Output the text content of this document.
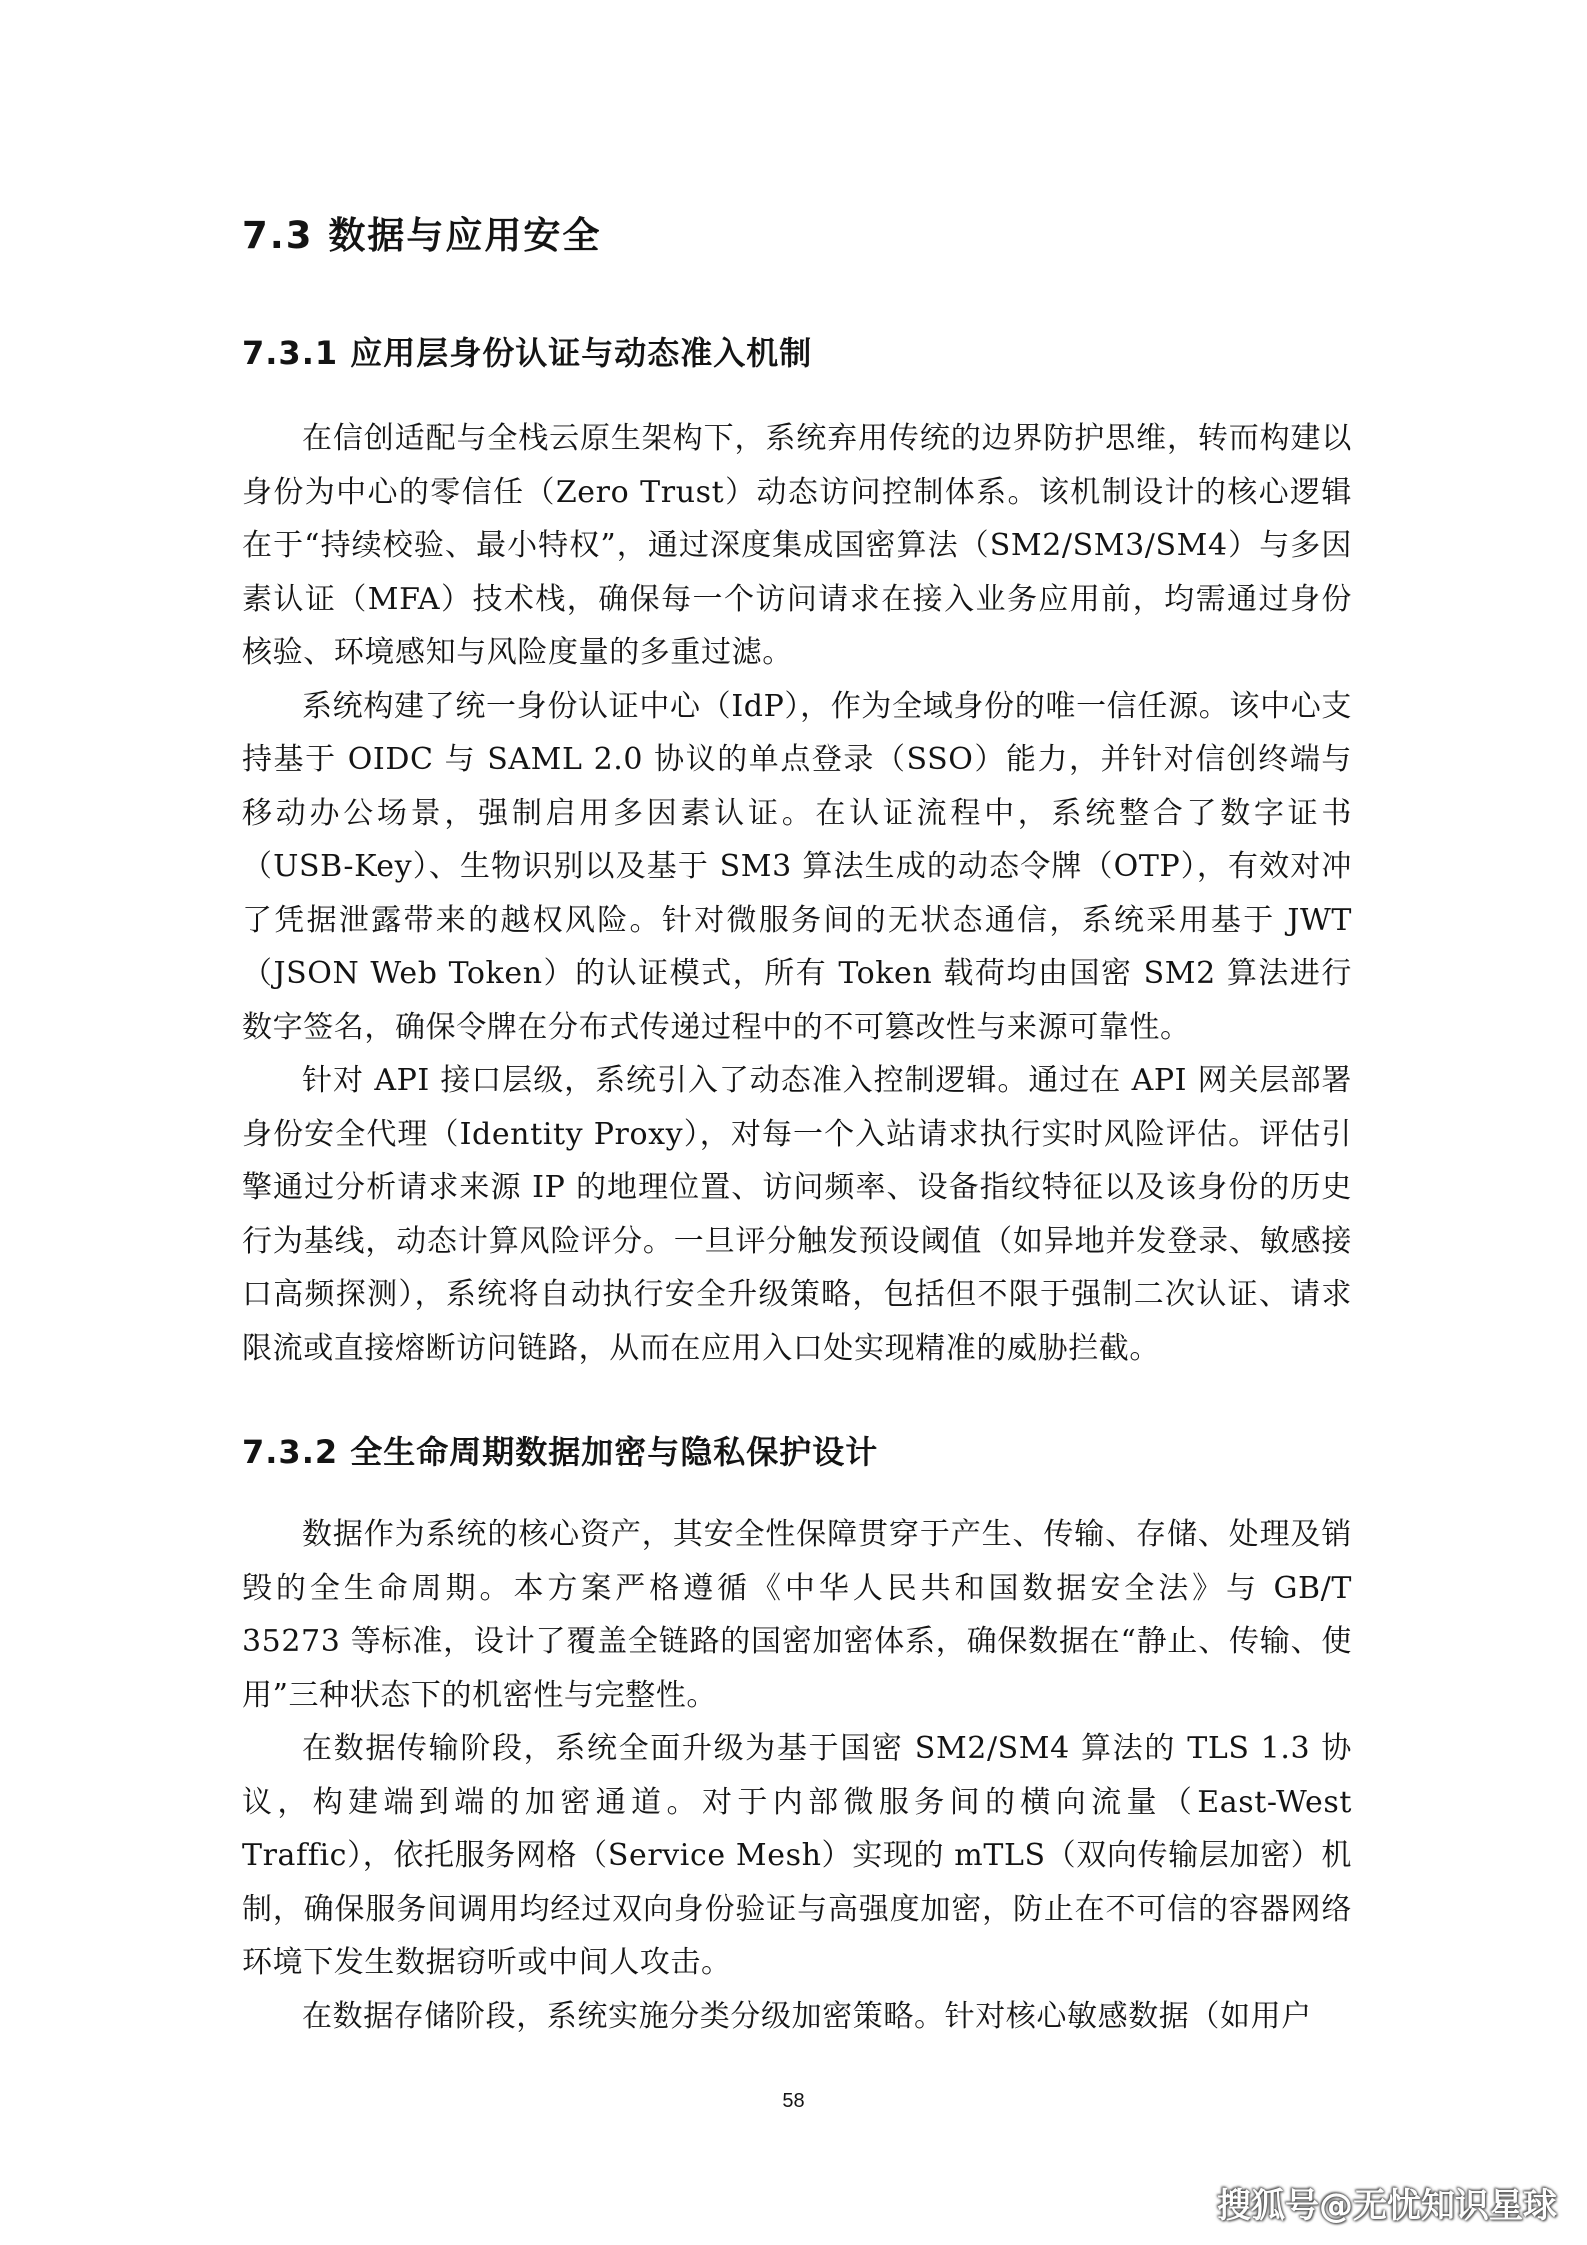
7.3 数据与应用安全
7.3.1 应用层身份认证与动态准入机制

在信创适配与全栈云原生架构下，系统弃用传统的边界防护思维，转而构建以身份为中心的零信任（Zero Trust）动态访问控制体系。该机制设计的核心逻辑在于“持续校验、最小特权”，通过深度集成国密算法（SM2/SM3/SM4）与多因素认证（MFA）技术栈，确保每一个访问请求在接入业务应用前，均需通过身份核验、环境感知与风险度量的多重过滤。

系统构建了统一身份认证中心（IdP），作为全域身份的唯一信任源。该中心支持基于 OIDC 与 SAML 2.0 协议的单点登录（SSO）能力，并针对信创终端与移动办公场景，强制启用多因素认证。在认证流程中，系统整合了数字证书（USB-Key）、生物识别以及基于 SM3 算法生成的动态令牌（OTP），有效对冲了凭据泄露带来的越权风险。针对微服务间的无状态通信，系统采用基于 JWT（JSON Web Token）的认证模式，所有 Token 载荷均由国密 SM2 算法进行数字签名，确保令牌在分布式传递过程中的不可篡改性与来源可靠性。

针对 API 接口层级，系统引入了动态准入控制逻辑。通过在 API 网关层部署身份安全代理（Identity Proxy），对每一个入站请求执行实时风险评估。评估引擎通过分析请求来源 IP 的地理位置、访问频率、设备指纹特征以及该身份的历史行为基线，动态计算风险评分。一旦评分触发预设阈值（如异地并发登录、敏感接口高频探测），系统将自动执行安全升级策略，包括但不限于强制二次认证、请求限流或直接熔断访问链路，从而在应用入口处实现精准的威胁拦截。

7.3.2 全生命周期数据加密与隐私保护设计

数据作为系统的核心资产，其安全性保障贯穿于产生、传输、存储、处理及销毁的全生命周期。本方案严格遵循《中华人民共和国数据安全法》与 GB/T 35273 等标准，设计了覆盖全链路的国密加密体系，确保数据在“静止、传输、使用”三种状态下的机密性与完整性。

在数据传输阶段，系统全面升级为基于国密 SM2/SM4 算法的 TLS 1.3 协议，构建端到端的加密通道。对于内部微服务间的横向流量（East-West Traffic），依托服务网格（Service Mesh）实现的 mTLS（双向传输层加密）机制，确保服务间调用均经过双向身份验证与高强度加密，防止在不可信的容器网络环境下发生数据窃听或中间人攻击。

在数据存储阶段，系统实施分类分级加密策略。针对核心敏感数据（如用户

58
搜狐号@无忧知识星球
